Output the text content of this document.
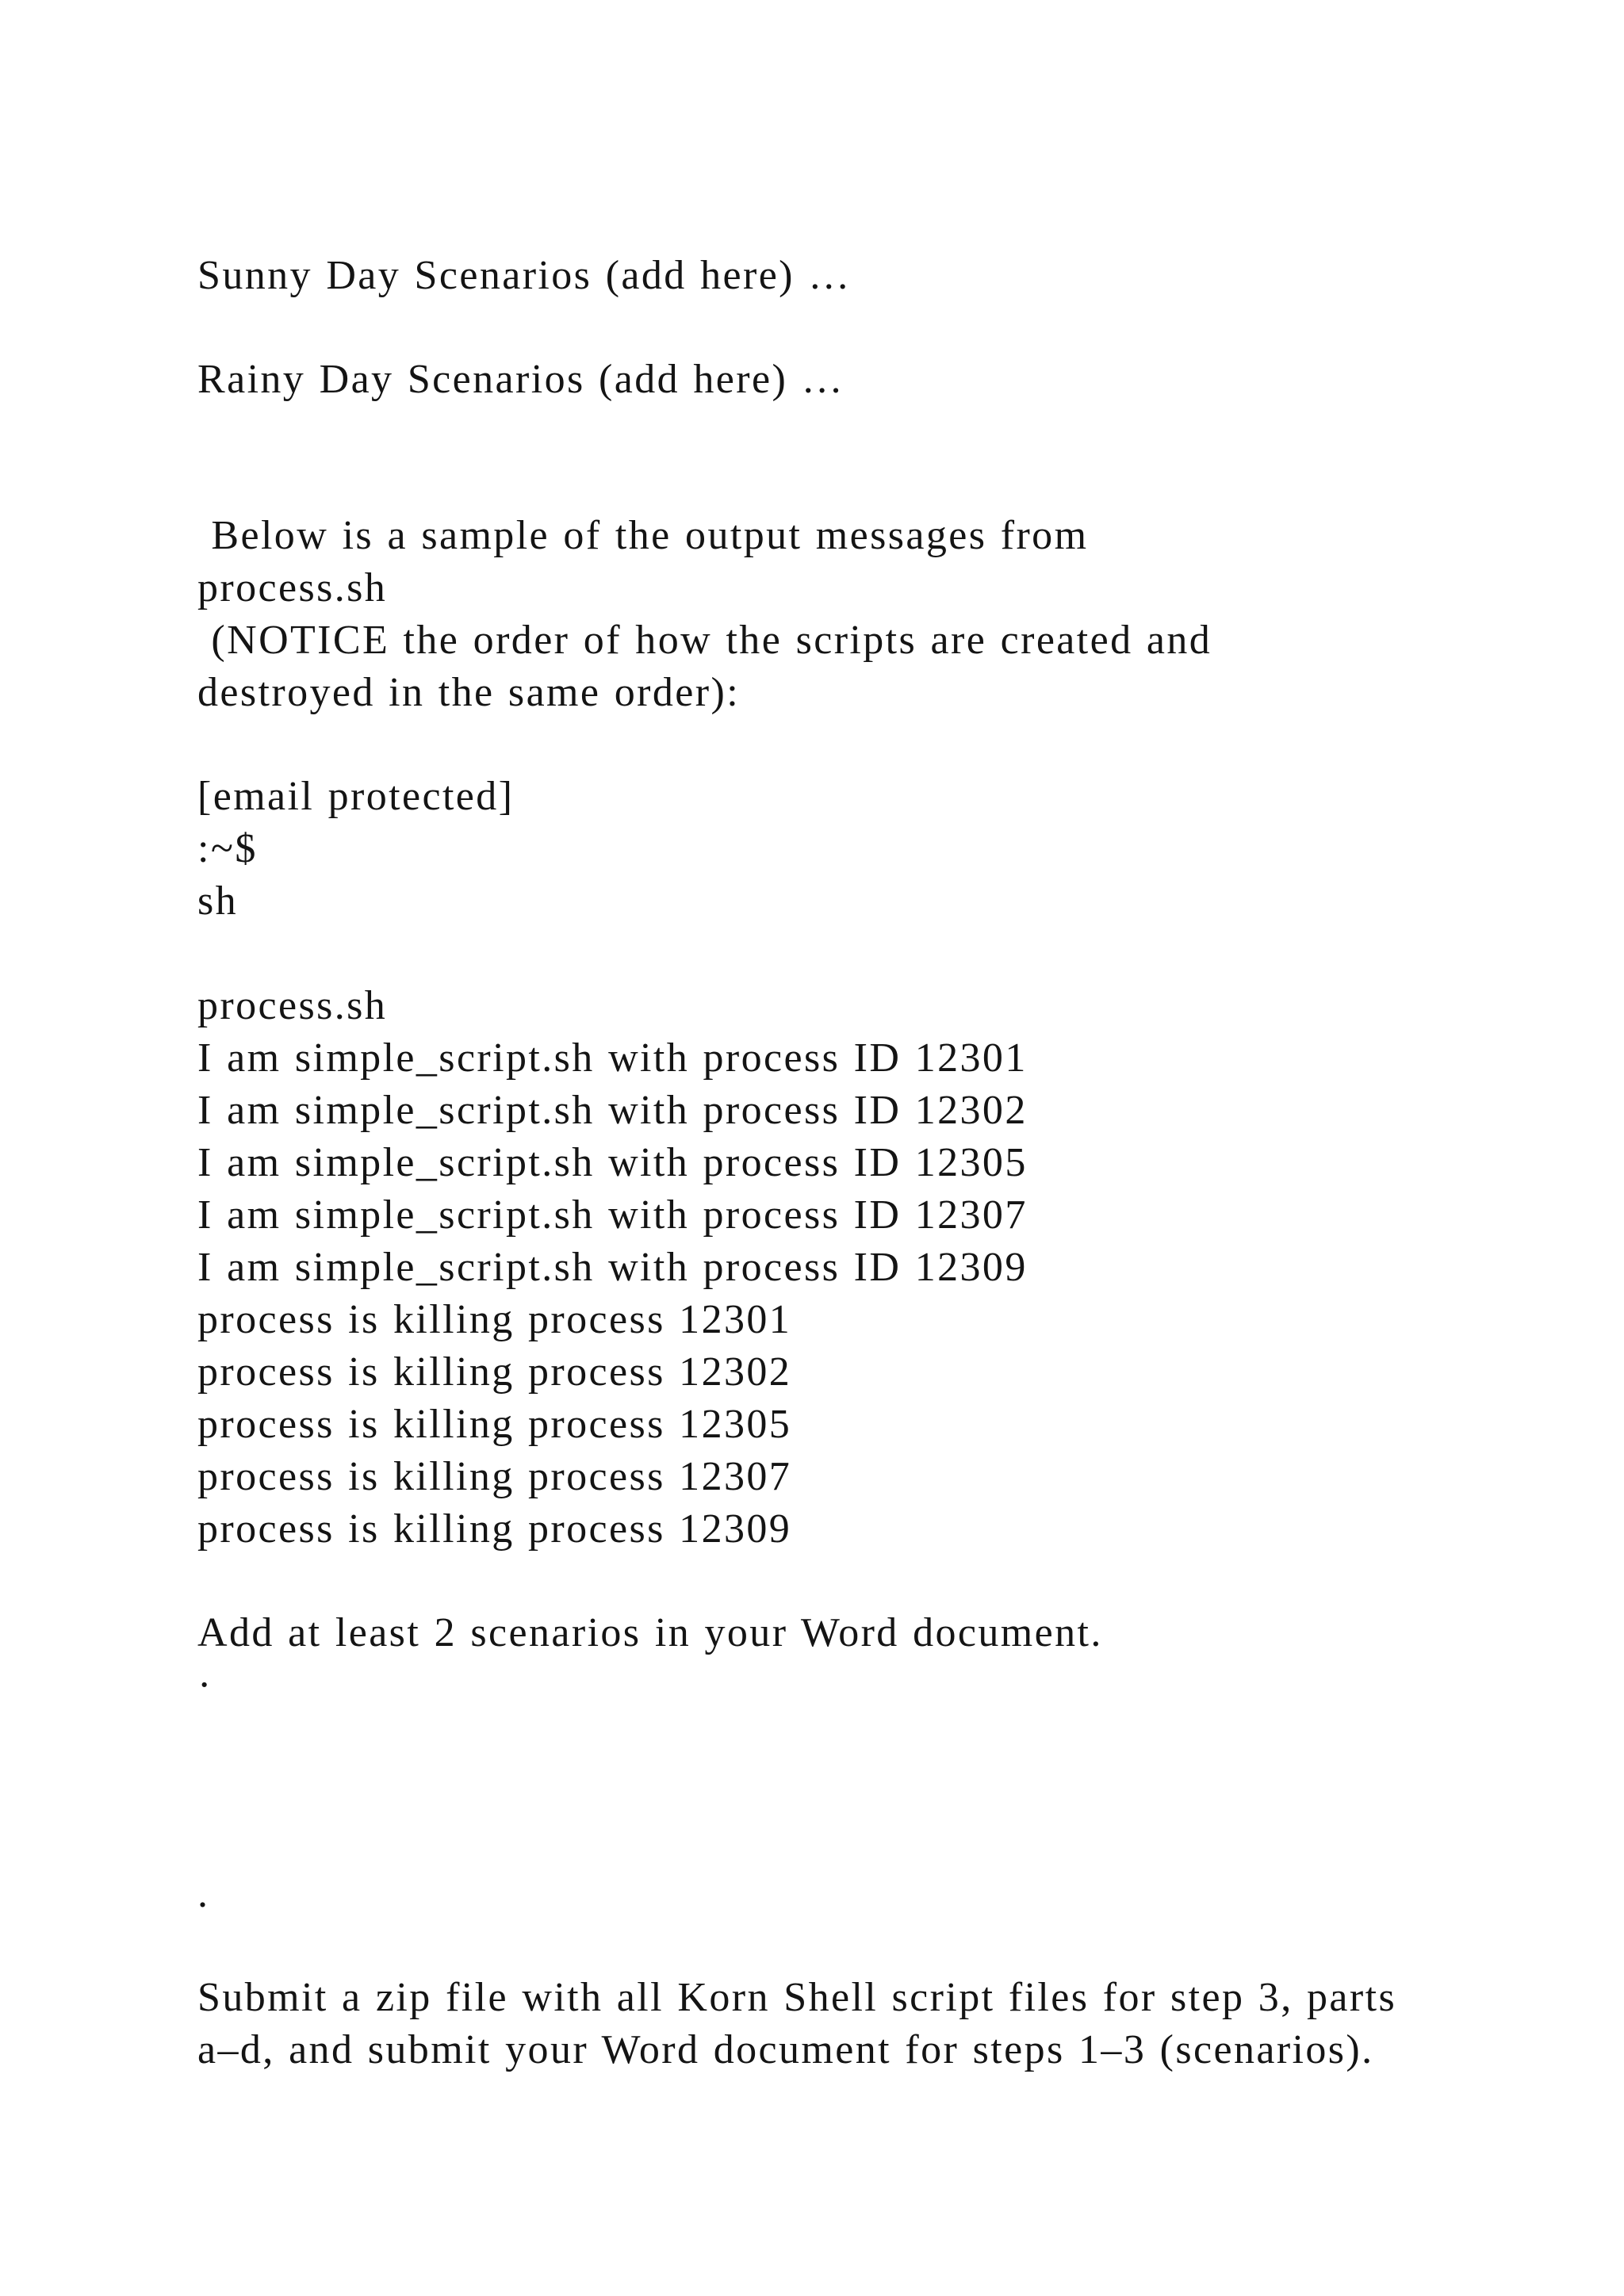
Sunny Day Scenarios (add here) …
Rainy Day Scenarios (add here) …
Below is a sample of the output messages from
process.sh
(NOTICE the order of how the scripts are created and
destroyed in the same order):
[email protected]
:~$
sh
process.sh
I am simple_script.sh with process ID 12301
I am simple_script.sh with process ID 12302
I am simple_script.sh with process ID 12305
I am simple_script.sh with process ID 12307
I am simple_script.sh with process ID 12309
process is killing process 12301
process is killing process 12302
process is killing process 12305
process is killing process 12307
process is killing process 12309
Add at least 2 scenarios in your Word document.
·
.
Submit a zip file with all Korn Shell script files for step 3, parts
a–d, and submit your Word document for steps 1–3 (scenarios).
